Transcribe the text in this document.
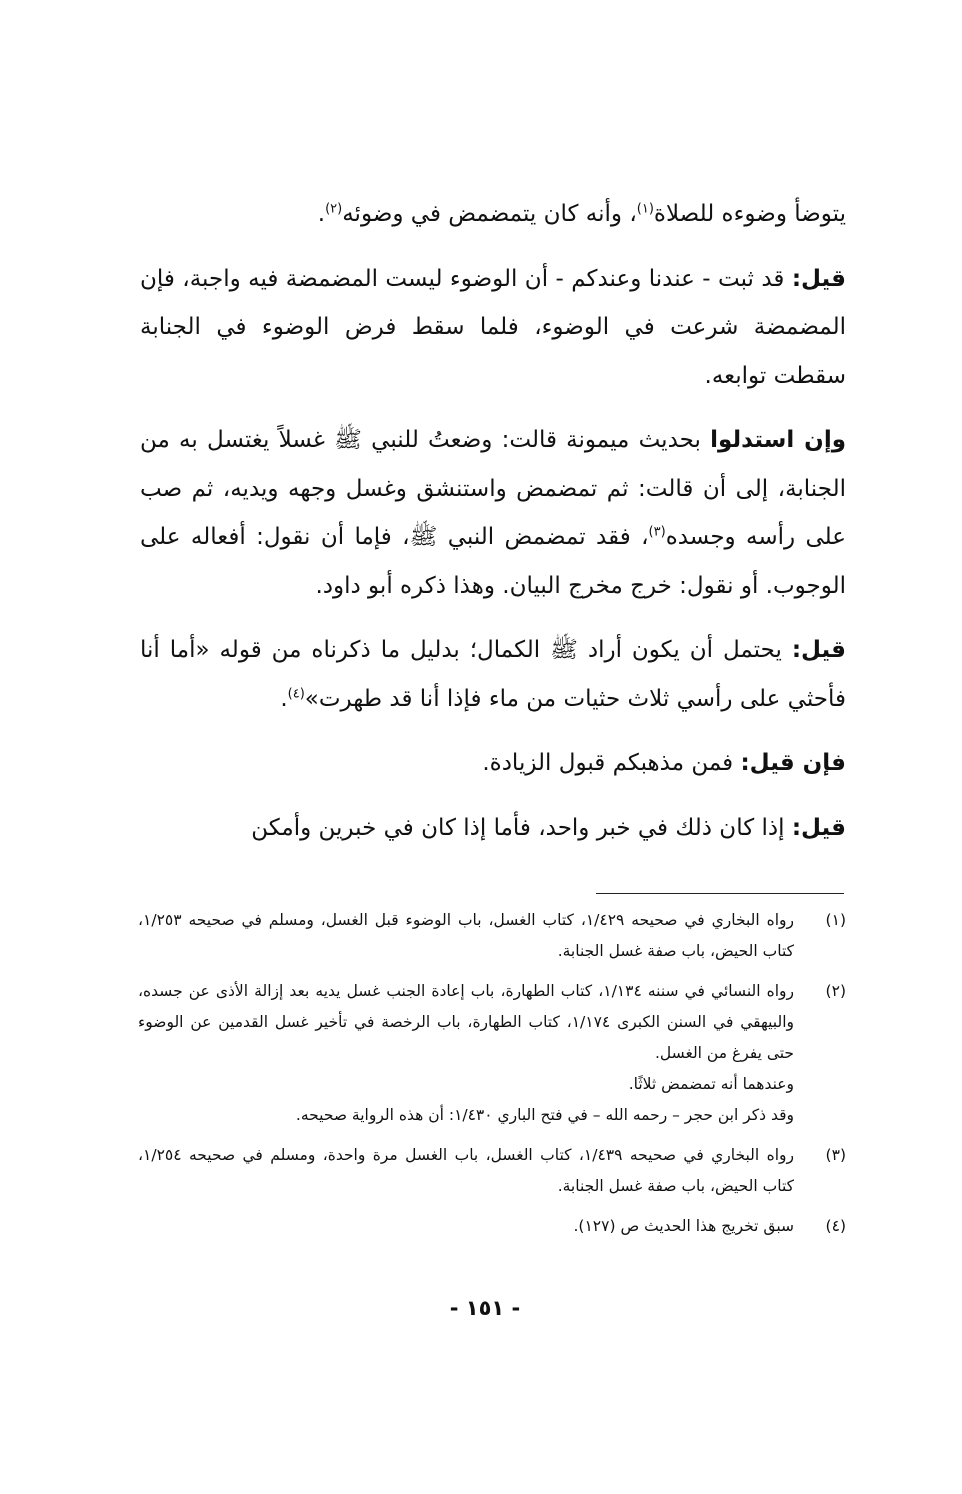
يتوضأ وضوءه للصلاة$^{(١)}$، وأنه كان يتمضمض في وضوئه$^{(٢)}$.

قيل: قد ثبت - عندنا وعندكم - أن الوضوء ليست المضمضة فيه واجبة، فإن المضمضة شرعت في الوضوء، فلما سقط فرض الوضوء في الجنابة سقطت توابعه.

وإن استدلوا بحديث ميمونة قالت: وضعتُ للنبي ﷺ غسلاً يغتسل به من الجنابة، إلى أن قالت: ثم تمضمض واستنشق وغسل وجهه ويديه، ثم صب على رأسه وجسده$^{(٣)}$، فقد تمضمض النبي ﷺ، فإما أن نقول: أفعاله على الوجوب. أو نقول: خرج مخرج البيان. وهذا ذكره أبو داود.

قيل: يحتمل أن يكون أراد ﷺ الكمال؛ بدليل ما ذكرناه من قوله «أما أنا فأحثي على رأسي ثلاث حثيات من ماء فإذا أنا قد طهرت»$^{(٤)}$.

فإن قيل: فمن مذهبكم قبول الزيادة.

قيل: إذا كان ذلك في خبر واحد، فأما إذا كان في خبرين وأمكن

(١)
رواه البخاري في صحيحه ١/٤٢٩، كتاب الغسل، باب الوضوء قبل الغسل، ومسلم في صحيحه ١/٢٥٣، كتاب الحيض، باب صفة غسل الجنابة.
(٢)
رواه النسائي في سننه ١/١٣٤، كتاب الطهارة، باب إعادة الجنب غسل يديه بعد إزالة الأذى عن جسده، والبيهقي في السنن الكبرى ١/١٧٤، كتاب الطهارة، باب الرخصة في تأخير غسل القدمين عن الوضوء حتى يفرغ من الغسل.
وعندهما أنه تمضمض ثلاثًا.
وقد ذكر ابن حجر – رحمه الله – في فتح الباري ١/٤٣٠: أن هذه الرواية صحيحه.
(٣)
رواه البخاري في صحيحه ١/٤٣٩، كتاب الغسل، باب الغسل مرة واحدة، ومسلم في صحيحه ١/٢٥٤، كتاب الحيض، باب صفة غسل الجنابة.
(٤)
سبق تخريج هذا الحديث ص (١٢٧).
- ١٥١ -
